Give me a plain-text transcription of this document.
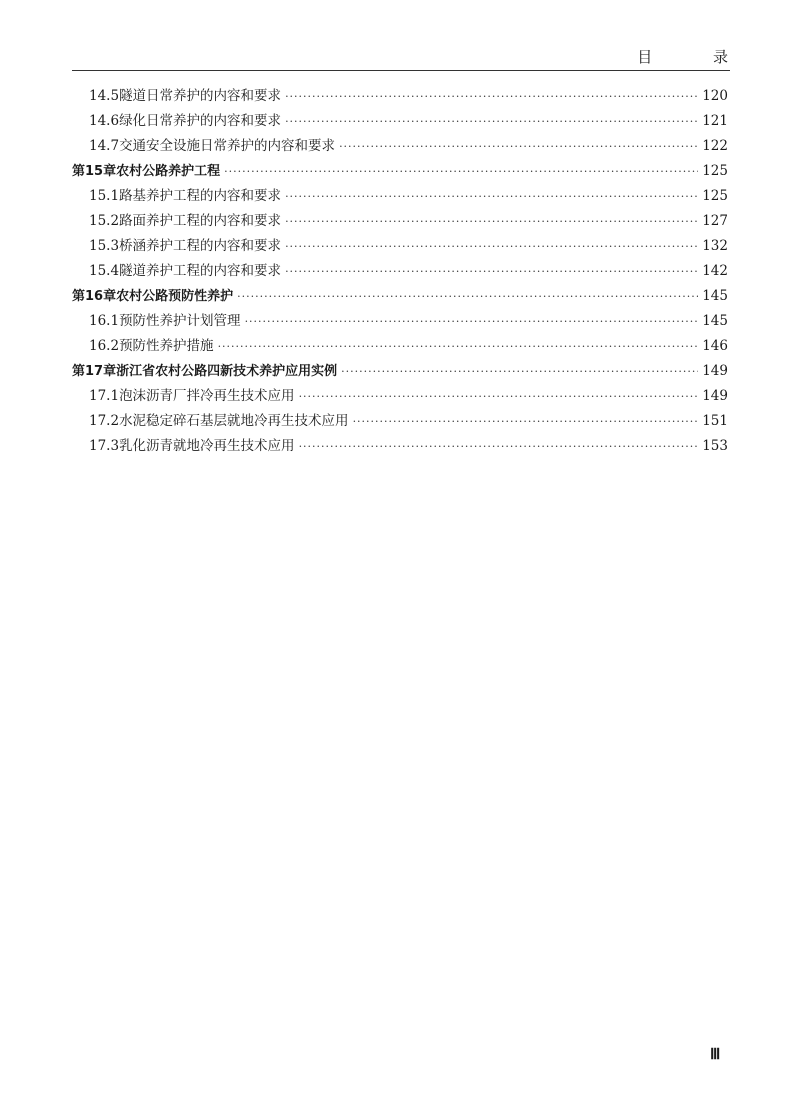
目 录
14.5 隧道日常养护的内容和要求 ·····	120
14.6 绿化日常养护的内容和要求 ·····	121
14.7 交通安全设施日常养护的内容和要求 ·····	122
第15章 农村公路养护工程 ·····	125
15.1 路基养护工程的内容和要求 ·····	125
15.2 路面养护工程的内容和要求 ·····	127
15.3 桥涵养护工程的内容和要求 ·····	132
15.4 隧道养护工程的内容和要求 ·····	142
第16章 农村公路预防性养护 ·····	145
16.1 预防性养护计划管理 ·····	145
16.2 预防性养护措施 ·····	146
第17章 浙江省农村公路四新技术养护应用实例 ·····	149
17.1 泡沫沥青厂拌冷再生技术应用 ·····	149
17.2 水泥稳定碎石基层就地冷再生技术应用 ·····	151
17.3 乳化沥青就地冷再生技术应用 ·····	153
Ⅲ
